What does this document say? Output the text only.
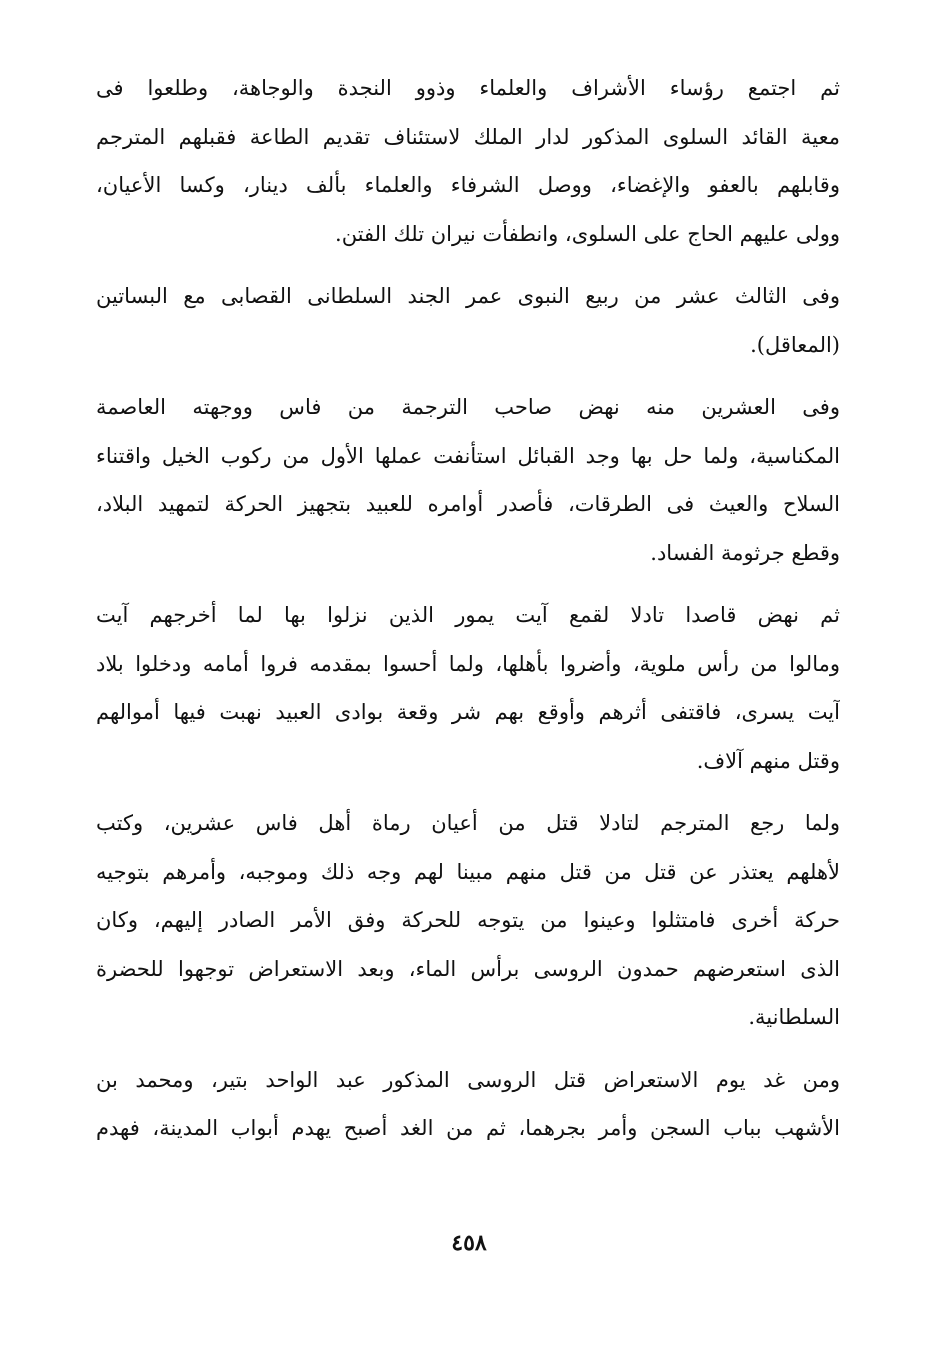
ثم اجتمع رؤساء الأشراف والعلماء وذوو النجدة والوجاهة، وطلعوا فى
معية القائد السلوى المذكور لدار الملك لاستئناف تقديم الطاعة فقبلهم المترجم
وقابلهم بالعفو والإغضاء، ووصل الشرفاء والعلماء بألف دينار، وكسا الأعيان،
وولى عليهم الحاج على السلوى، وانطفأت نيران تلك الفتن.
وفى الثالث عشر من ربيع النبوى عمر الجند السلطانى القصابى مع البساتين
(المعاقل).
وفى العشرين منه نهض صاحب الترجمة من فاس ووجهته العاصمة
المكناسية، ولما حل بها وجد القبائل استأنفت عملها الأول من ركوب الخيل واقتناء
السلاح والعيث فى الطرقات، فأصدر أوامره للعبيد بتجهيز الحركة لتمهيد البلاد،
وقطع جرثومة الفساد.
ثم نهض قاصدا تادلا لقمع آيت يمور الذين نزلوا بها لما أخرجهم آيت
ومالوا من رأس ملوية، وأضروا بأهلها، ولما أحسوا بمقدمه فروا أمامه ودخلوا بلاد
آيت يسرى، فاقتفى أثرهم وأوقع بهم شر وقعة بوادى العبيد نهبت فيها أموالهم
وقتل منهم آلاف.
ولما رجع المترجم لتادلا قتل من أعيان رماة أهل فاس عشرين، وكتب
لأهلهم يعتذر عن قتل من قتل منهم مبينا لهم وجه ذلك وموجبه، وأمرهم بتوجيه
حركة أخرى فامتثلوا وعينوا من يتوجه للحركة وفق الأمر الصادر إليهم، وكان
الذى استعرضهم حمدون الروسى برأس الماء، وبعد الاستعراض توجهوا للحضرة
السلطانية.
ومن غد يوم الاستعراض قتل الروسى المذكور عبد الواحد بتير، ومحمد بن
الأشهب بباب السجن وأمر بجرهما، ثم من الغد أصبح يهدم أبواب المدينة، فهدم
٤٥٨
